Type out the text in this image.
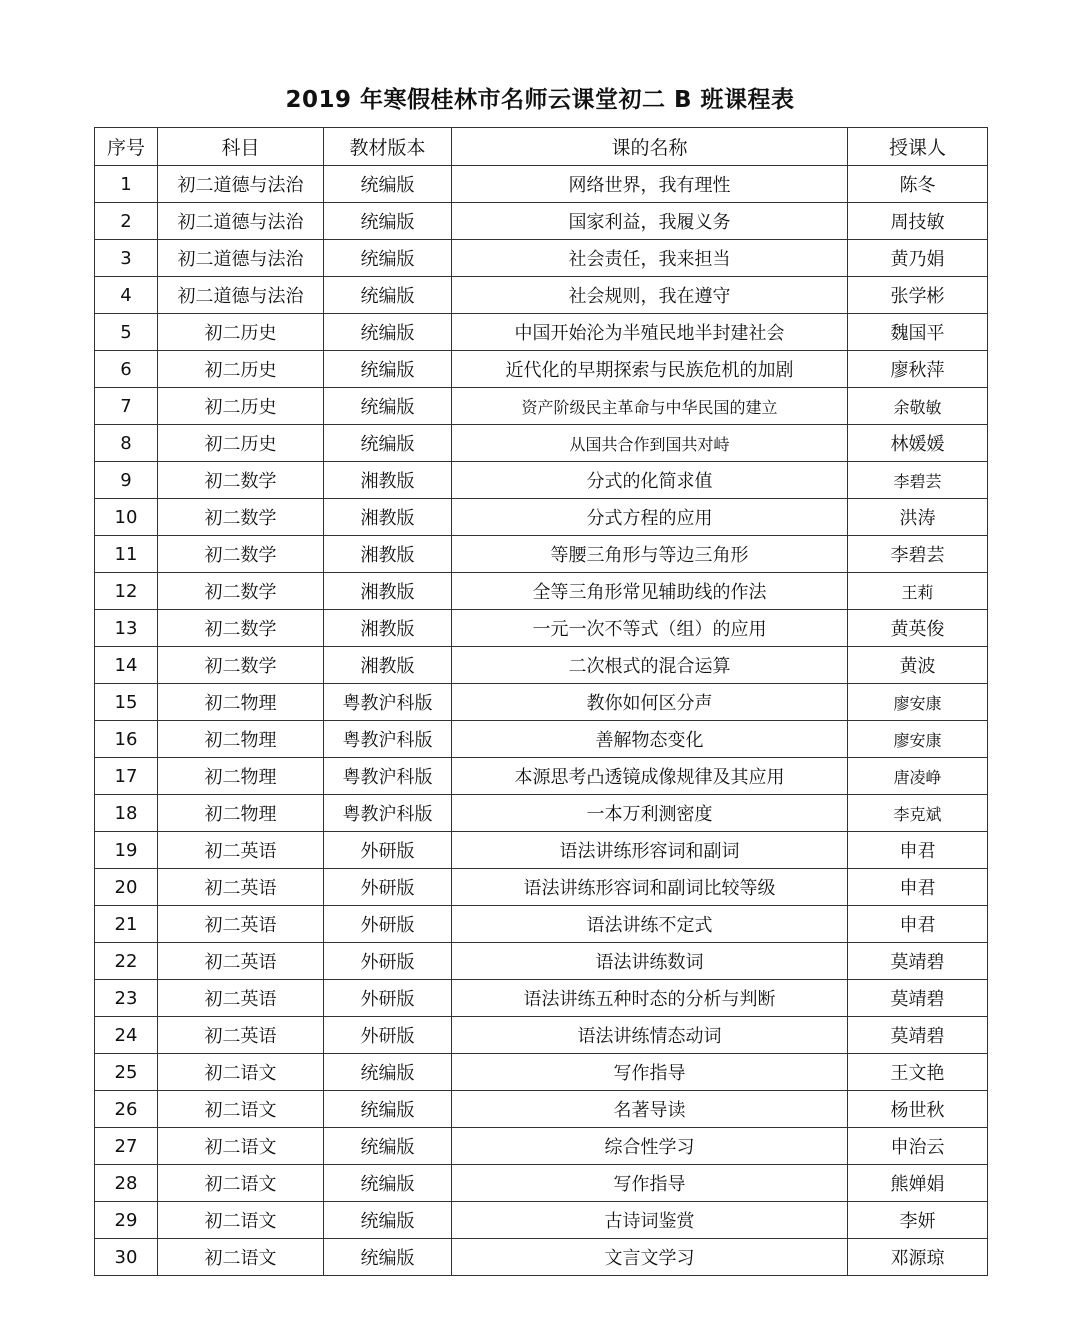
2019 年寒假桂林市名师云课堂初二 B 班课程表
序号	科目	教材版本	课的名称	授课人
1	初二道德与法治	统编版	网络世界，我有理性	陈冬
2	初二道德与法治	统编版	国家利益，我履义务	周技敏
3	初二道德与法治	统编版	社会责任，我来担当	黄乃娟
4	初二道德与法治	统编版	社会规则，我在遵守	张学彬
5	初二历史	统编版	中国开始沦为半殖民地半封建社会	魏国平
6	初二历史	统编版	近代化的早期探索与民族危机的加剧	廖秋萍
7	初二历史	统编版	资产阶级民主革命与中华民国的建立	余敬敏
8	初二历史	统编版	从国共合作到国共对峙	林媛媛
9	初二数学	湘教版	分式的化简求值	李碧芸
10	初二数学	湘教版	分式方程的应用	洪涛
11	初二数学	湘教版	等腰三角形与等边三角形	李碧芸
12	初二数学	湘教版	全等三角形常见辅助线的作法	王莉
13	初二数学	湘教版	一元一次不等式（组）的应用	黄英俊
14	初二数学	湘教版	二次根式的混合运算	黄波
15	初二物理	粤教沪科版	教你如何区分声	廖安康
16	初二物理	粤教沪科版	善解物态变化	廖安康
17	初二物理	粤教沪科版	本源思考凸透镜成像规律及其应用	唐凌峥
18	初二物理	粤教沪科版	一本万利测密度	李克斌
19	初二英语	外研版	语法讲练形容词和副词	申君
20	初二英语	外研版	语法讲练形容词和副词比较等级	申君
21	初二英语	外研版	语法讲练不定式	申君
22	初二英语	外研版	语法讲练数词	莫靖碧
23	初二英语	外研版	语法讲练五种时态的分析与判断	莫靖碧
24	初二英语	外研版	语法讲练情态动词	莫靖碧
25	初二语文	统编版	写作指导	王文艳
26	初二语文	统编版	名著导读	杨世秋
27	初二语文	统编版	综合性学习	申治云
28	初二语文	统编版	写作指导	熊婵娟
29	初二语文	统编版	古诗词鉴赏	李妍
30	初二语文	统编版	文言文学习	邓源琼
